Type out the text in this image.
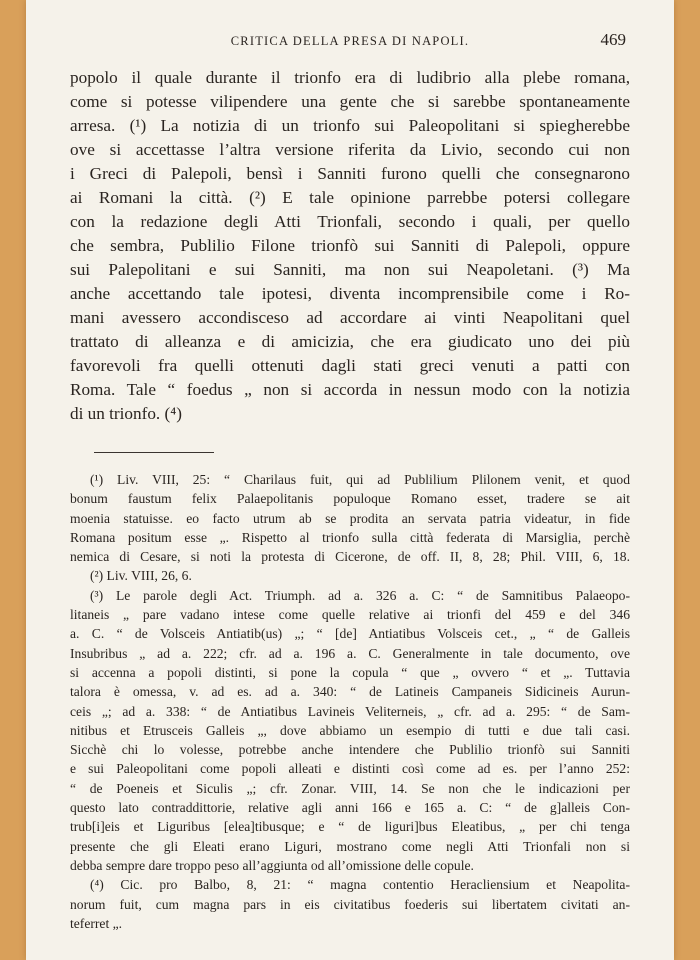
CRITICA DELLA PRESA DI NAPOLI.	469
popolo il quale durante il trionfo era di ludibrio alla plebe romana,
come si potesse vilipendere una gente che si sarebbe spontaneamente
arresa. (¹) La notizia di un trionfo sui Paleopolitani si spiegherebbe
ove si accettasse l’altra versione riferita da Livio, secondo cui non
i Greci di Palepoli, bensì i Sanniti furono quelli che consegnarono
ai Romani la città. (²) E tale opinione parrebbe potersi collegare
con la redazione degli Atti Trionfali, secondo i quali, per quello
che sembra, Publilio Filone trionfò sui Sanniti di Palepoli, oppure
sui Palepolitani e sui Sanniti, ma non sui Neapoletani. (³) Ma
anche accettando tale ipotesi, diventa incomprensibile come i Ro-
mani avessero accondisceso ad accordare ai vinti Neapolitani quel
trattato di alleanza e di amicizia, che era giudicato uno dei più
favorevoli fra quelli ottenuti dagli stati greci venuti a patti con
Roma. Tale “ foedus „ non si accorda in nessun modo con la notizia
di un trionfo. (⁴)
(¹) Liv. VIII, 25: “ Charilaus fuit, qui ad Publilium Plilonem venit, et quod
bonum faustum felix Palaepolitanis populoque Romano esset, tradere se ait
moenia statuisse. eo facto utrum ab se prodita an servata patria videatur, in fide
Romana positum esse „. Rispetto al trionfo sulla città federata di Marsiglia, perchè
nemica di Cesare, si noti la protesta di Cicerone, de off. II, 8, 28; Phil. VIII, 6, 18.
(²) Liv. VIII, 26, 6.
(³) Le parole degli Act. Triumph. ad a. 326 a. C: “ de Samnitibus Palaeopo-
litaneis „ pare vadano intese come quelle relative ai trionfi del 459 e del 346
a. C. “ de Volsceis Antiatib(us) „; “ [de] Antiatibus Volsceis cet., „ “ de Galleis
Insubribus „ ad a. 222; cfr. ad a. 196 a. C. Generalmente in tale documento, ove
si accenna a popoli distinti, si pone la copula “ que „ ovvero “ et „. Tuttavia
talora è omessa, v. ad es. ad a. 340: “ de Latineis Campaneis Sidicineis Aurun-
ceis „; ad a. 338: “ de Antiatibus Lavineis Veliterneis, „ cfr. ad a. 295: “ de Sam-
nitibus et Etrusceis Galleis „, dove abbiamo un esempio di tutti e due tali casi.
Sicchè chi lo volesse, potrebbe anche intendere che Publilio trionfò sui Sanniti
e sui Paleopolitani come popoli alleati e distinti così come ad es. per l’anno 252:
“ de Poeneis et Siculis „; cfr. Zonar. VIII, 14. Se non che le indicazioni per
questo lato contraddittorie, relative agli anni 166 e 165 a. C: “ de g]alleis Con-
trub[i]eis et Liguribus [elea]tibusque; e “ de liguri]bus Eleatibus, „ per chi tenga
presente che gli Eleati erano Liguri, mostrano come negli Atti Trionfali non si
debba sempre dare troppo peso all’aggiunta od all’omissione delle copule.
(⁴) Cic. pro Balbo, 8, 21: “ magna contentio Heracliensium et Neapolita-
norum fuit, cum magna pars in eis civitatibus foederis sui libertatem civitati an-
teferret „.
